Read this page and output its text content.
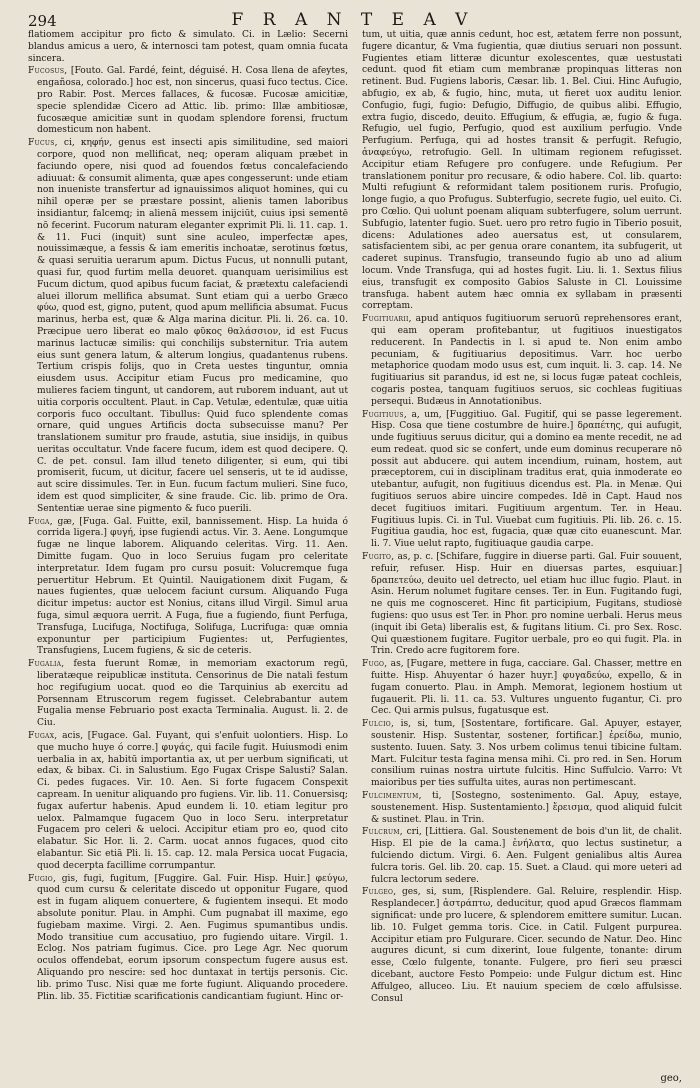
294	F R A N T E A V
flatiomem accipitur pro ficto & simulato. Ci. in Lælio: Secerni blandus amicus a uero, & internosci tam potest, quam omnia fucata sincera.
Fucosus, [Fouto. Gal. Fardé, feint, déguisé. H. Cosa llena de afeytes, engañosa, colorado.] hoc est, non sincerus, quasi fuco tectus. Cice. pro Rabir. Post. Merces fallaces, & fucosæ. Fucosæ amicitiæ, specie splendidæ Cicero ad Attic. lib. primo: Illæ ambitiosæ, fucosæque amicitiæ sunt in quodam splendore forensi, fructum domesticum non habent.
Fucus, ci, κηφήν, genus est insecti apis similitudine, sed maiori corpore, quod non mellificat, neq; operam aliquam præbet in faciundo opere, nisi quod ad fouendos fœtus concalefaciendo adiuuat: & consumit alimenta, quæ apes congesserunt: unde etiam non inueniste transfertur ad ignauissimos aliquot homines, qui cu nihil operæ per se præstare possint, alienis tamen laboribus insidiantur, falcemq; in alienā messem inijciūt, cuius ipsi sementē nō fecerint. Fucorum naturam eleganter exprimit Pli. li. 11. cap. 1. & 11. Fuci (inquit) sunt sine aculeo, imperfectæ apes, nouissimæque, a fessis & iam emeritis inchoatæ, serotinus fœtus, & quasi seruitia uerarum apum. Dictus Fucus, ut nonnulli putant, quasi fur, quod furtim mella deuoret. quanquam uerisimilius est Fucum dictum, quod apibus fucum faciat, & prætextu calefaciendi aluei illorum mellifica absumat. Sunt etiam qui a uerbo Græco φύω, quod est, gigno, putent, quod apum mellificia absumat. Fucus marinus, herba est, quæ & Alga marina dicitur. Pli. li. 26. ca. 10. Præcipue uero liberat eo malo φῦκος θαλάσσιον, id est Fucus marinus lactucæ similis: qui conchilijs substernitur. Tria autem eius sunt genera latum, & alterum longius, quadantenus rubens. Tertium crispis folijs, quo in Creta uestes tinguntur, omnia eiusdem usus. Accipitur etiam Fucus pro medicamine, quo mulieres faciem tingunt, ut candorem, aut ruborem induant, aut ut uitia corporis occultent. Plaut. in Cap. Vetulæ, edentulæ, quæ uitia corporis fuco occultant. Tibullus: Quid fuco splendente comas ornare, quid ungues Artificis docta subsecuisse manu? Per translationem sumitur pro fraude, astutia, siue insidijs, in quibus ueritas occultatur. Vnde facere fucum, idem est quod decipere. Q. C. de pet. consul. Iam illud teneto diligenter, si eum, qui tibi promiserit, fucum, ut dicitur, facere uel senseris, ut te id audisse, aut scire dissimules. Ter. in Eun. fucum factum mulieri. Sine fuco, idem est quod simpliciter, & sine fraude. Cic. lib. primo de Ora. Sententiæ uerae sine pigmento & fuco puerili.
Fuga, gæ, [Fuga. Gal. Fuitte, exil, bannissement. Hisp. La huida ó corrida ligera.] φυγή, ipse fugiendi actus. Vir. 3. Aene. Longumque fugæ ne linque laborem. Aliquando celeritas. Virg. 11. Aen. Dimitte fugam. Quo in loco Seruius fugam pro celeritate interpretatur. Idem fugam pro cursu posuit: Volucremque fuga peruertitur Hebrum. Et Quintil. Nauigationem dixit Fugam, & naues fugientes, quæ uelocem faciunt cursum. Aliquando Fuga dicitur impetus: auctor est Nonius, citans illud Virgil. Simul arua fuga, simul æquora uerrit. A Fuga, fiue a fugiendo, fiunt Perfuga, Transfuga, Lucifuga, Noctifuga, Solifuga, Lucrifuga: quæ omnia exponuntur per participium Fugientes: ut, Perfugientes, Transfugiens, Lucem fugiens, & sic de ceteris.
Fugalia, festa fuerunt Romæ, in memoriam exactorum regū, liberatæque reipublicæ instituta. Censorinus de Die natali festum hoc regifugium uocat. quod eo die Tarquinius ab exercitu ad Porsennam Etruscorum regem fugisset. Celebrabantur autem Fugalia mense Februario post exacta Terminalia. August. li. 2. de Ciu.
Fugax, acis, [Fugace. Gal. Fuyant, qui s'enfuit uolontiers. Hisp. Lo que mucho huye ó corre.] φυγάς, qui facile fugit. Huiusmodi enim uerbalia in ax, habitū importantia ax, ut per uerbum significati, ut edax, & bibax. Ci. in Salustium. Ego Fugax Crispe Salusti? Salan. Ci. pedes fugaces. Vir. 10. Aen. Si forte fugacem Conspexit capream. In uenitur aliquando pro fugiens. Vir. lib. 11. Conuersisq; fugax aufertur habenis. Apud eundem li. 10. etiam legitur pro uelox. Palmamque fugacem Quo in loco Seru. interpretatur Fugacem pro celeri & ueloci. Accipitur etiam pro eo, quod cito elabatur. Sic Hor. li. 2. Carm. uocat annos fugaces, quod cito elabantur. Sic etiā Pli. li. 15. cap. 12. mala Persica uocat Fugacia, quod decerpta facillime corrumpantur.
Fugio, gis, fugi, fugitum, [Fuggire. Gal. Fuir. Hisp. Huir.] φεύγω, quod cum cursu & celeritate discedo ut opponitur Fugare, quod est in fugam aliquem conuertere, & fugientem insequi. Et modo absolute ponitur. Plau. in Amphi. Cum pugnabat ill maxime, ego fugiebam maxime. Virgi. 2. Aen. Fugimus spumantibus undis. Modo transitiue cum accusatiuo, pro fugiendo uitare. Virgil. 1. Eclog. Nos patriam fugimus. Cice. pro Lege Agr. Nec quorum oculos offendebat, eorum ipsorum conspectum fugere ausus est. Aliquando pro nescire: sed hoc duntaxat in tertijs personis. Cic. lib. primo Tusc. Nisi quæ me forte fugiunt. Aliquando procedere. Plin. lib. 35. Fictitiæ scarificationis candicantiam fugiunt. Hinc or-
tum, ut uitia, quæ annis cedunt, hoc est, ætatem ferre non possunt, fugere dicantur, & Vma fugientia, quæ diutius seruari non possunt. Fugientes etiam litteræ dicuntur exolescentes, quæ uestustati cedunt. quod fit etiam cum membranæ propinquas litteras non retinent. Bud. Fugiens laboris, Cæsar. lib. 1. Bel. Ciui. Hinc Aufugio, abfugio, ex ab, & fugio, hinc, muta, ut fieret uox auditu lenior. Confugio, fugi, fugio: Defugio, Diffugio, de quibus alibi. Effugio, extra fugio, discedo, deuito. Effugium, & effugia, æ, fugio & fuga. Refugio, uel fugio, Perfugio, quod est auxilium perfugio. Vnde Perfugium. Perfuga, qui ad hostes transit & perfugit. Refugio, ἀναφεύγω, retrofugio. Gell. In ultimam regionem refugisset. Accipitur etiam Refugere pro confugere. unde Refugium. Per translationem ponitur pro recusare, & odio habere. Col. lib. quarto: Multi refugiunt & reformidant talem positionem ruris. Profugio, longe fugio, a quo Profugus. Subterfugio, secrete fugio, uel euito. Ci. pro Cœlio. Qui uolunt poenam aliquam subterfugere, solum uerrunt. Subfugio, latenter fugio. Suet. uero pro retro fugio in Tiberio posuit, dicens: Adulationes adeo auersatus est, ut consularem, satisfacientem sibi, ac per genua orare conantem, ita subfugerit, ut caderet supinus. Transfugio, transeundo fugio ab uno ad alium locum. Vnde Transfuga, qui ad hostes fugit. Liu. li. 1. Sextus filius eius, transfugit ex composito Gabios Saluste in Cl. Louissime transfuga. habent autem hæc omnia ex syllabam in præsenti correptam.
Fugitiuarii, apud antiquos fugitiuorum seruorū reprehensores erant, qui eam operam profitebantur, ut fugitiuos inuestigatos reducerent. In Pandectis in l. si apud te. Non enim ambo pecuniam, & fugitiuarius depositimus. Varr. hoc uerbo metaphorice quodam modo usus est, cum inquit. li. 3. cap. 14. Ne fugitiuarius sit parandus, id est ne, si locus fugæ pateat cochleis, cogaris postea, tanquam fugitiuos seruos, sic cochleas fugitiuas persequi. Budæus in Annotationibus.
Fugitiuus, a, um, [Fuggitiuo. Gal. Fugitif, qui se passe legerement. Hisp. Cosa que tiene costumbre de huire.] δραπέτης, qui aufugit, unde fugitiuus seruus dicitur, qui a domino ea mente recedit, ne ad eum redeat. quod sic se confert, unde eum dominus recuperare nō possit aut abducere. qui autem incendium, ruinam, hostem, aut præceptorem, cui in disciplinam traditus erat, quia inmoderate eo utebantur, aufugit, non fugitiuus dicendus est. Pla. in Menæ. Qui fugitiuos seruos abire uincire compedes. Idē in Capt. Haud nos decet fugitiuos imitari. Fugitiuum argentum. Ter. in Heau. Fugitiuus lupis. Ci. in Tul. Viuebat cum fugitiuis. Pli. lib. 26. c. 15. Fugitiua gaudia, hoc est, fugacia, quæ quæ cito euanescunt. Mar. li. 7. Viue uelut rapto, fugitiuaque gaudia carpe.
Fugito, as, p. c. [Schifare, fuggire in diuerse parti. Gal. Fuir souuent, refuir, refuser. Hisp. Huir en diuersas partes, esquiuar.] δραπετεύω, deuito uel detrecto, uel etiam huc illuc fugio. Plaut. in Asin. Herum nolumet fugitare censes. Ter. in Eun. Fugitando fugi, ne quis me cognosceret. Hinc fit participium, Fugitans, studiosè fugiens: quo usus est Ter. in Phor. pro nomine uerbali. Herus meus (inquit ibi Geta) liberalis est, & fugitans litium. Ci. pro Sex. Rosc. Qui quæstionem fugitare. Fugitor uerbale, pro eo qui fugit. Pla. in Trin. Credo acre fugitorem fore.
Fugo, as, [Fugare, mettere in fuga, cacciare. Gal. Chasser, mettre en fuitte. Hisp. Ahuyentar ó hazer huyr.] φυγαδεύω, expello, & in fugam conuerto. Plau. in Amph. Memorat, legionem hostium ut fugauerit. Pli. li. 11. ca. 53. Vultures unguento fugantur, Ci. pro Cec. Qui armis pulsus, fugatusque est.
Fulcio, is, si, tum, [Sostentare, fortificare. Gal. Apuyer, estayer, soustenir. Hisp. Sustentar, sostener, fortificar.] ἐρείδω, munio, sustento. Iuuen. Saty. 3. Nos urbem colimus tenui tibicine fultam. Mart. Fulcitur testa fagina mensa mihi. Ci. pro red. in Sen. Horum consilium ruinas nostra uirtute fulcitis. Hinc Suffulcio. Varro: Vt maioribus per ties suffulta uites, auras non pertimescant.
Fulcimentum, ti, [Sostegno, sostenimento. Gal. Apuy, estaye, soustenement. Hisp. Sustentamiento.] ἔρεισμα, quod aliquid fulcit & sustinet. Plau. in Trin.
Fulcrum, cri, [Littiera. Gal. Soustenement de bois d'un lit, de chalit. Hisp. El pie de la cama.] ἐνήλατα, quo lectus sustinetur, a fulciendo dictum. Virgi. 6. Aen. Fulgent genialibus altis Aurea fulcra toris. Gel. lib. 20. cap. 15. Suet. a Claud. qui more ueteri ad fulcra lectorum sedere.
Fulgeo, ges, si, sum, [Risplendere. Gal. Reluire, resplendir. Hisp. Resplandecer.] ἀστράπτω, deducitur, quod apud Græcos flammam significat: unde pro lucere, & splendorem emittere sumitur. Lucan. lib. 10. Fulget gemma toris. Cice. in Catil. Fulgent purpurea. Accipitur etiam pro Fulgurare. Cicer. secundo de Natur. Deo. Hinc augures dicunt, si cum dixerint, Ioue fulgente, tonante: dirum esse, Cœlo fulgente, tonante. Fulgere, pro fieri seu præsci dicebant, auctore Festo Pompeio: unde Fulgur dictum est. Hinc Affulgeo, alluceo. Liu. Et nauium speciem de cœlo affulsisse. Consul
geo,
